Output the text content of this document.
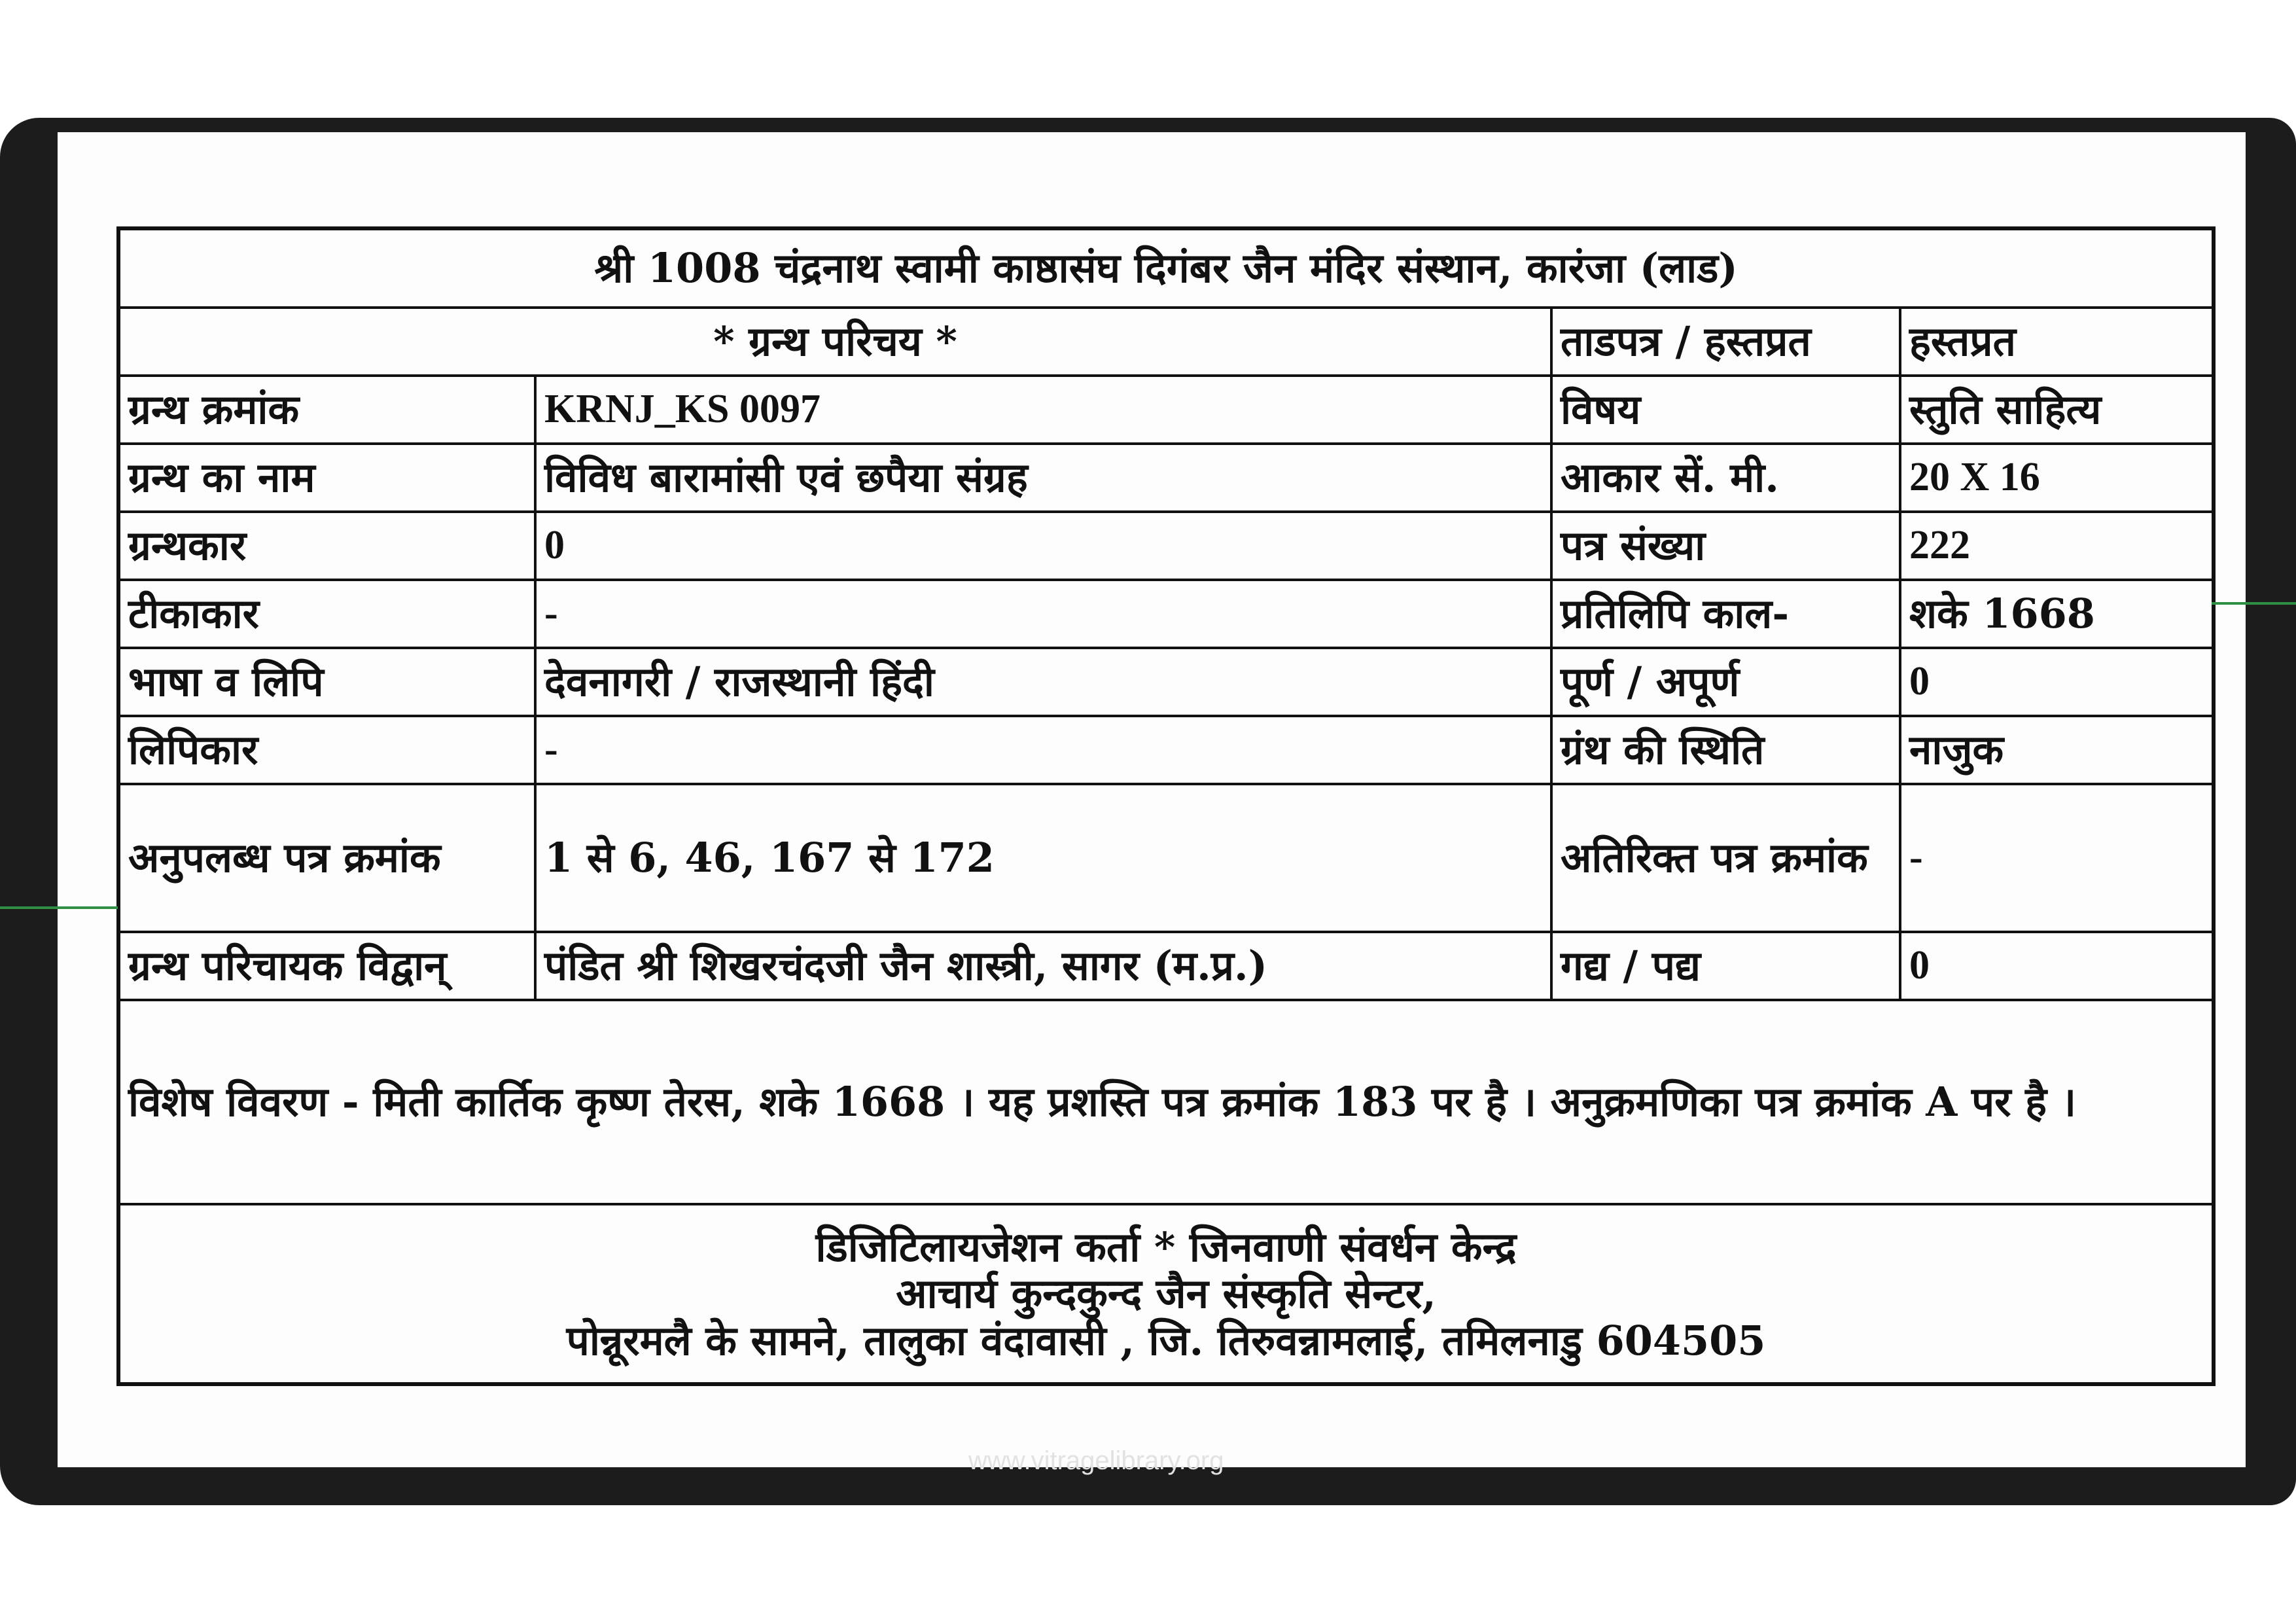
श्री 1008 चंद्रनाथ स्वामी काष्ठासंघ दिगंबर जैन मंदिर संस्थान, कारंजा (लाड)			
* ग्रन्थ परिचय *		ताडपत्र / हस्तप्रत	हस्तप्रत
ग्रन्थ क्रमांक	KRNJ_KS 0097	विषय	स्तुति साहित्य
ग्रन्थ का नाम	विविध बारामांसी एवं छपैया संग्रह	आकार सें. मी.	20 X 16
ग्रन्थकार	0	पत्र संख्या	222
टीकाकार	-	प्रतिलिपि काल-	शके 1668
भाषा व लिपि	देवनागरी / राजस्थानी हिंदी	पूर्ण / अपूर्ण	0
लिपिकार	-	ग्रंथ की स्थिति	नाजुक
अनुपलब्ध पत्र क्रमांक	1 से 6, 46, 167 से 172	अतिरिक्त पत्र क्रमांक	-
ग्रन्थ परिचायक विद्वान्	पंडित श्री शिखरचंदजी जैन शास्त्री, सागर (म.प्र.)	गद्य / पद्य	0
विशेष विवरण - मिती कार्तिक कृष्ण तेरस, शके 1668 । यह प्रशस्ति पत्र क्रमांक 183 पर है । अनुक्रमणिका पत्र क्रमांक A पर है ।			

डिजिटिलायजेशन कर्ता * जिनवाणी संवर्धन केन्द्र
आचार्य कुन्दकुन्द जैन संस्कृति सेन्टर,
पोन्नूरमलै के सामने, तालुका वंदावासी , जि. तिरुवन्नामलाई, तमिलनाडु 604505			
www.vitragelibrary.org
